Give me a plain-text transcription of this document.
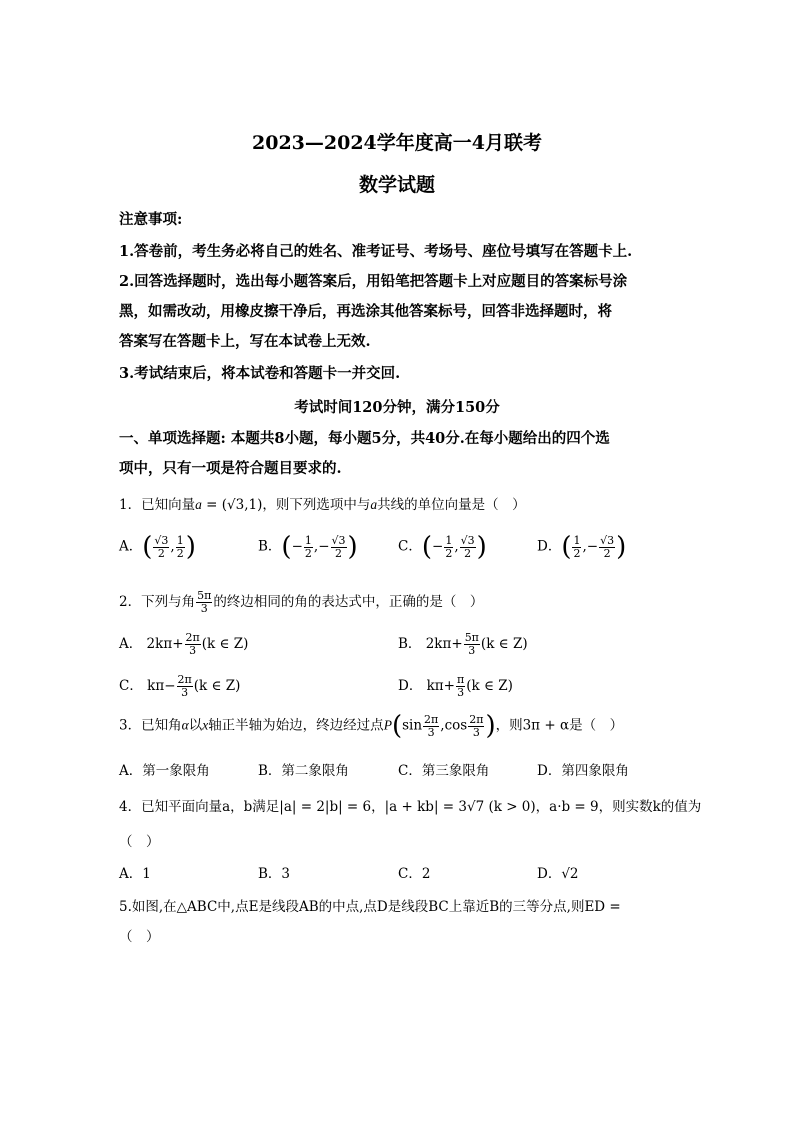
2023—2024学年度高一4月联考
数学试题
注意事项:
1.答卷前，考生务必将自己的姓名、准考证号、考场号、座位号填写在答题卡上.
2.回答选择题时，选出每小题答案后，用铅笔把答题卡上对应题目的答案标号涂
黑，如需改动，用橡皮擦干净后，再选涂其他答案标号，回答非选择题时，将
答案写在答题卡上，写在本试卷上无效.
3.考试结束后，将本试卷和答题卡一并交回.
考试时间120分钟，满分150分
一、单项选择题: 本题共8小题，每小题5分，共40分.在每小题给出的四个选
项中，只有一项是符合题目要求的.
1．已知向量a = (√3,1)，则下列选项中与a共线的单位向量是（　）
A．( $\frac{√3}{2}$ , $\frac{1}{2}$ )	B．(− $\frac{1}{2}$ ,− $\frac{√3}{2}$ )	C．(− $\frac{1}{2}$ , $\frac{√3}{2}$ )	D．( $\frac{1}{2}$ ,− $\frac{√3}{2}$ )
2．下列与角 $\frac{5\pi}{3}$ 的终边相同的角的表达式中，正确的是（　）
A． $2k\pi+ \frac{2\pi}{3} (k$ ∈ Z)	B． $2k\pi+ \frac{5\pi}{3} (k$ ∈ Z)
C． $k\pi- \frac{2\pi}{3} (k$ ∈ Z)	D． $k\pi+ \frac{\pi}{3} (k$ ∈ Z)
3．已知角α以x轴正半轴为始边，终边经过点$P(\sin \frac{2\pi}{3} ,\cos \frac{2\pi}{3}$ )，则3π + α是（　）
A．第一象限角	B．第二象限角	C．第三象限角	D．第四象限角
4．已知平面向量a，b满足|a| = 2|b| = 6，|a + kb| = 3√7 (k > 0)，a·b = 9，则实数k的值为
（　）
A．1	B．3	C．2	D．√2
5.如图,在△ABC中,点E是线段AB的中点,点D是线段BC上靠近B的三等分点,则ED =
（　）
